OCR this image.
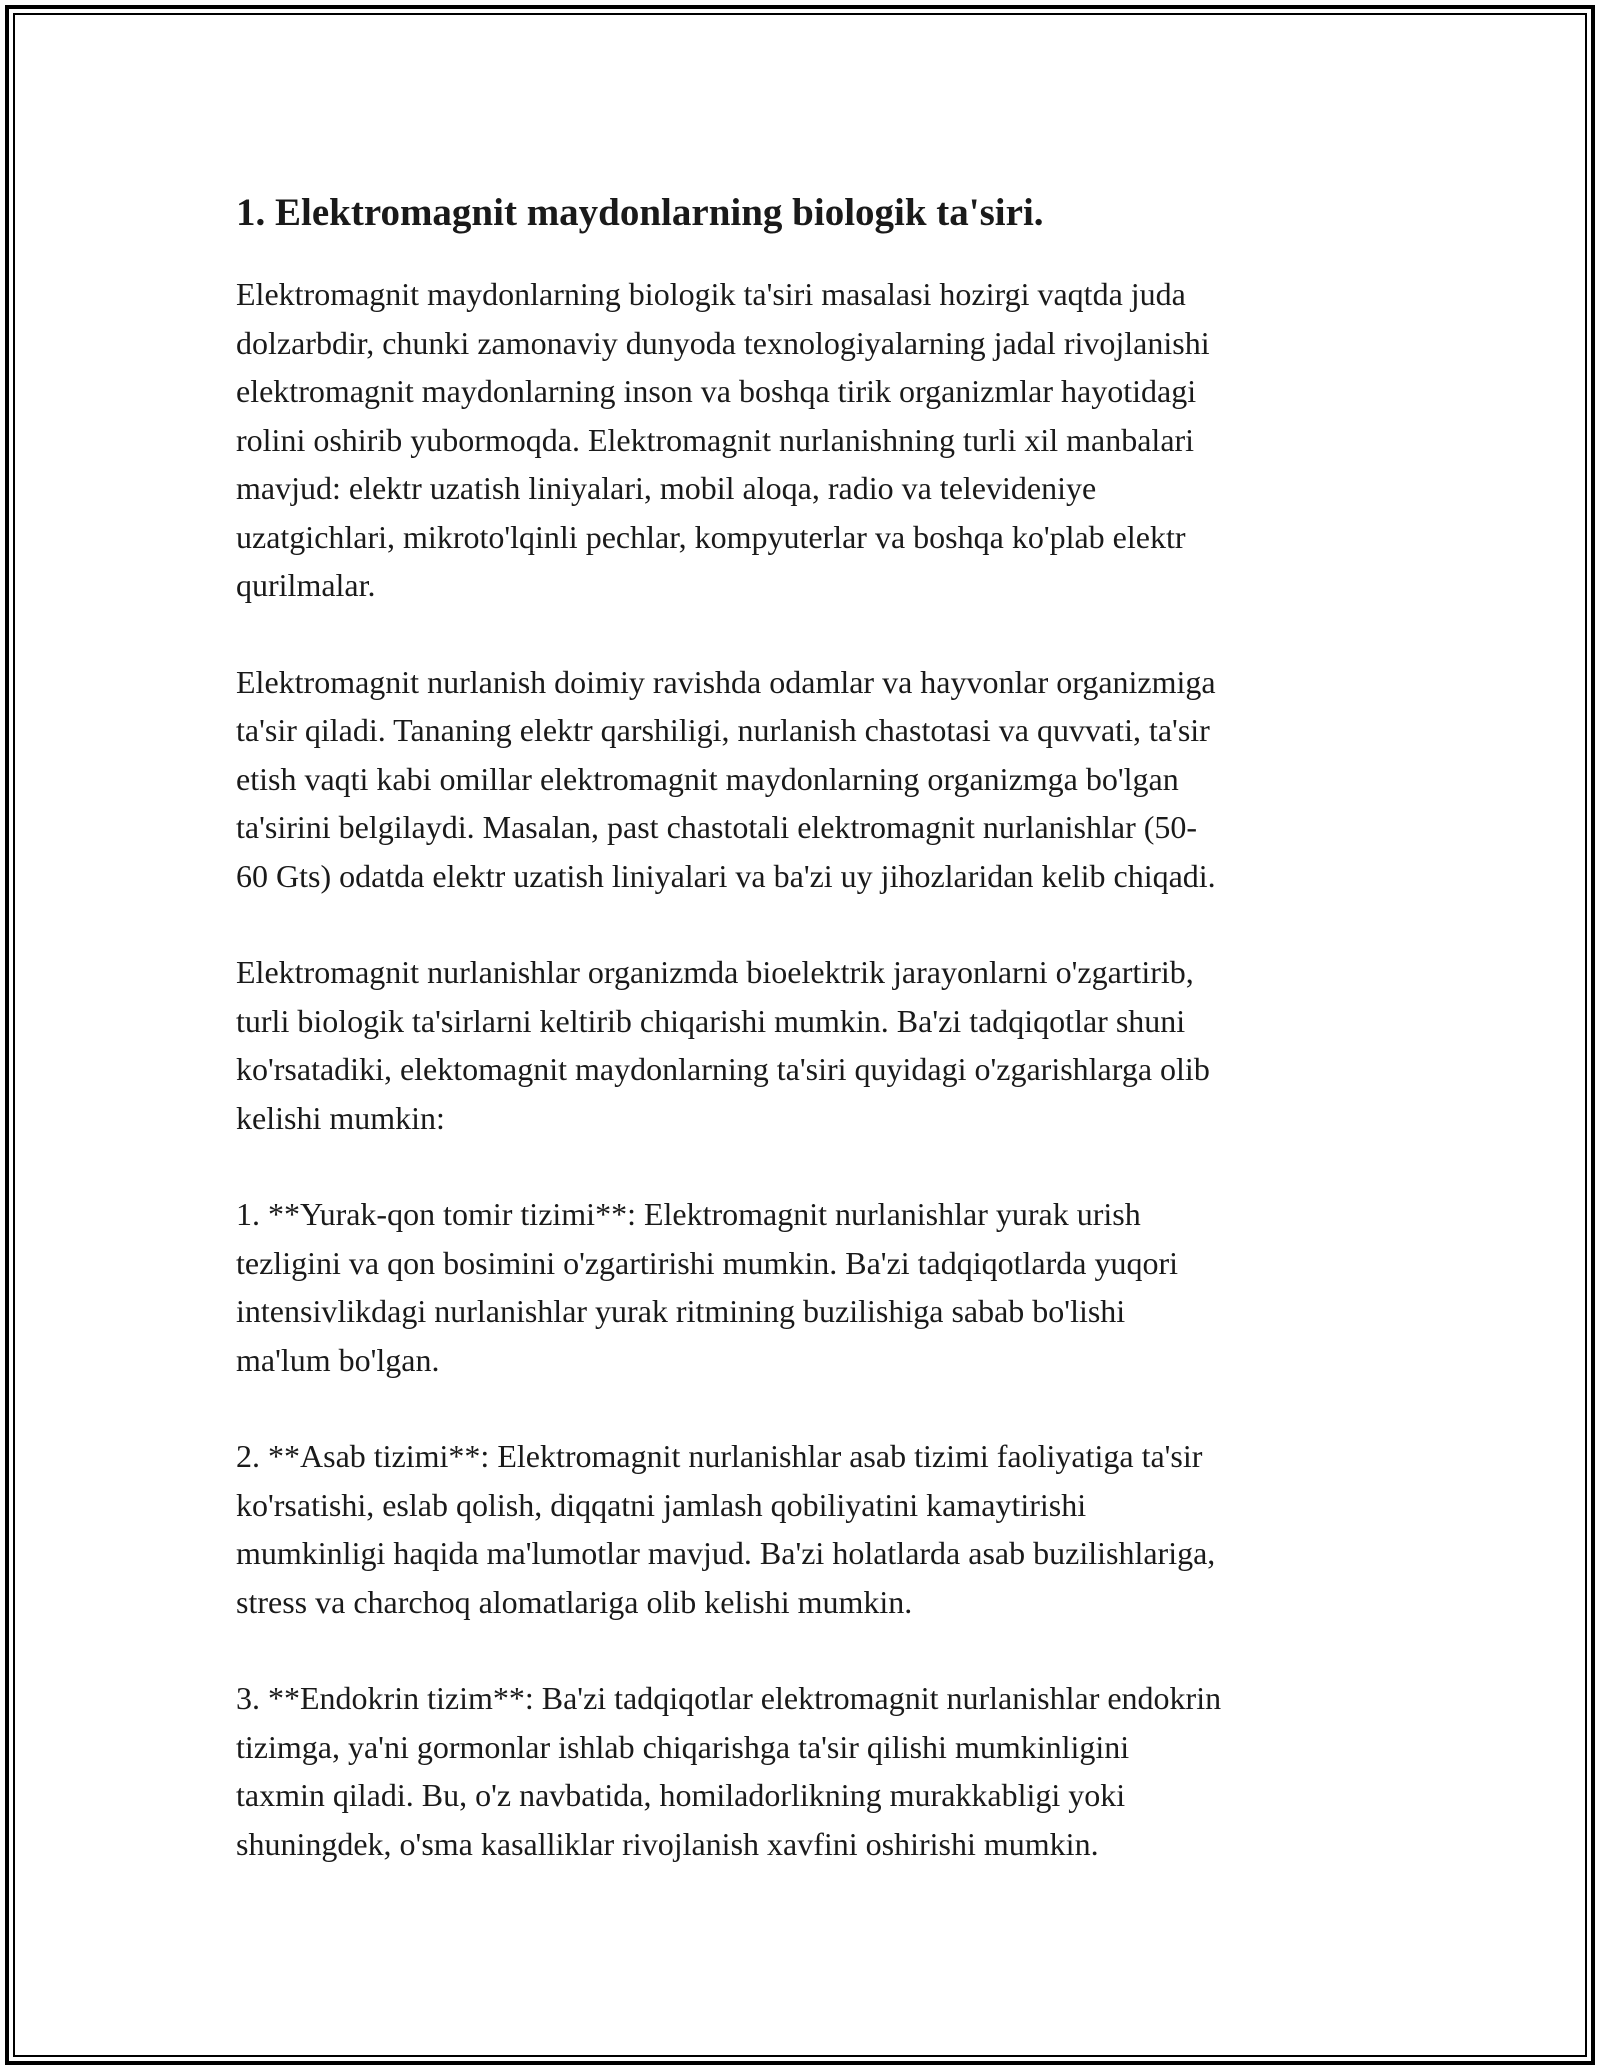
1. Elektromagnit maydonlarning biologik ta'siri.

Elektromagnit maydonlarning biologik ta'siri masalasi hozirgi vaqtda juda
dolzarbdir, chunki zamonaviy dunyoda texnologiyalarning jadal rivojlanishi
elektromagnit maydonlarning inson va boshqa tirik organizmlar hayotidagi
rolini oshirib yubormoqda. Elektromagnit nurlanishning turli xil manbalari
mavjud: elektr uzatish liniyalari, mobil aloqa, radio va televideniye
uzatgichlari, mikroto'lqinli pechlar, kompyuterlar va boshqa ko'plab elektr
qurilmalar.

Elektromagnit nurlanish doimiy ravishda odamlar va hayvonlar organizmiga
ta'sir qiladi. Tananing elektr qarshiligi, nurlanish chastotasi va quvvati, ta'sir
etish vaqti kabi omillar elektromagnit maydonlarning organizmga bo'lgan
ta'sirini belgilaydi. Masalan, past chastotali elektromagnit nurlanishlar (50-
60 Gts) odatda elektr uzatish liniyalari va ba'zi uy jihozlaridan kelib chiqadi.

Elektromagnit nurlanishlar organizmda bioelektrik jarayonlarni o'zgartirib,
turli biologik ta'sirlarni keltirib chiqarishi mumkin. Ba'zi tadqiqotlar shuni
ko'rsatadiki, elektomagnit maydonlarning ta'siri quyidagi o'zgarishlarga olib
kelishi mumkin:

1. **Yurak-qon tomir tizimi**: Elektromagnit nurlanishlar yurak urish
tezligini va qon bosimini o'zgartirishi mumkin. Ba'zi tadqiqotlarda yuqori
intensivlikdagi nurlanishlar yurak ritmining buzilishiga sabab bo'lishi
ma'lum bo'lgan.

2. **Asab tizimi**: Elektromagnit nurlanishlar asab tizimi faoliyatiga ta'sir
ko'rsatishi, eslab qolish, diqqatni jamlash qobiliyatini kamaytirishi
mumkinligi haqida ma'lumotlar mavjud. Ba'zi holatlarda asab buzilishlariga,
stress va charchoq alomatlariga olib kelishi mumkin.

3. **Endokrin tizim**: Ba'zi tadqiqotlar elektromagnit nurlanishlar endokrin
tizimga, ya'ni gormonlar ishlab chiqarishga ta'sir qilishi mumkinligini
taxmin qiladi. Bu, o'z navbatida, homiladorlikning murakkabligi yoki
shuningdek, o'sma kasalliklar rivojlanish xavfini oshirishi mumkin.
